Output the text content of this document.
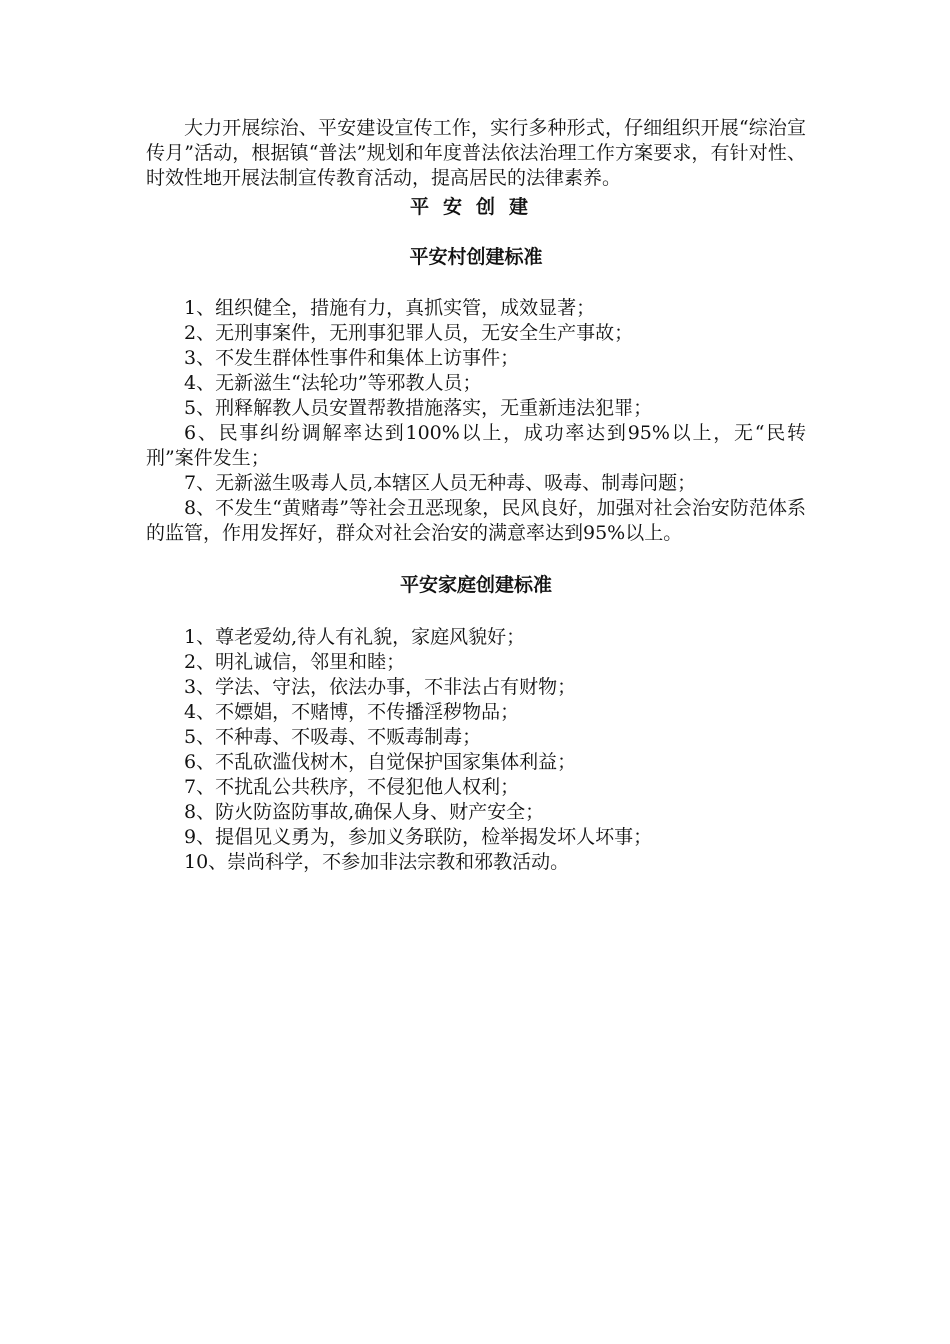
大力开展综治、平安建设宣传工作，实行多种形式，仔细组织开展“综治宣传月”活动，根据镇“普法”规划和年度普法依法治理工作方案要求，有针对性、时效性地开展法制宣传教育活动，提高居民的法律素养。

平安创建
平安村创建标准
1、组织健全，措施有力，真抓实管，成效显著；
2、无刑事案件，无刑事犯罪人员，无安全生产事故；
3、不发生群体性事件和集体上访事件；
4、无新滋生“法轮功”等邪教人员；
5、刑释解教人员安置帮教措施落实，无重新违法犯罪；
6、民事纠纷调解率达到100%以上，成功率达到95%以上，无“民转刑”案件发生；
7、无新滋生吸毒人员,本辖区人员无种毒、吸毒、制毒问题；
8、不发生“黄赌毒”等社会丑恶现象，民风良好，加强对社会治安防范体系的监管，作用发挥好，群众对社会治安的满意率达到95%以上。
平安家庭创建标准
1、尊老爱幼,待人有礼貌，家庭风貌好；
2、明礼诚信，邻里和睦；
3、学法、守法，依法办事，不非法占有财物；
4、不嫖娼，不赌博，不传播淫秽物品；
5、不种毒、不吸毒、不贩毒制毒；
6、不乱砍滥伐树木，自觉保护国家集体利益；
7、不扰乱公共秩序，不侵犯他人权利；
8、防火防盗防事故,确保人身、财产安全；
9、提倡见义勇为，参加义务联防，检举揭发坏人坏事；
10、崇尚科学，不参加非法宗教和邪教活动。
